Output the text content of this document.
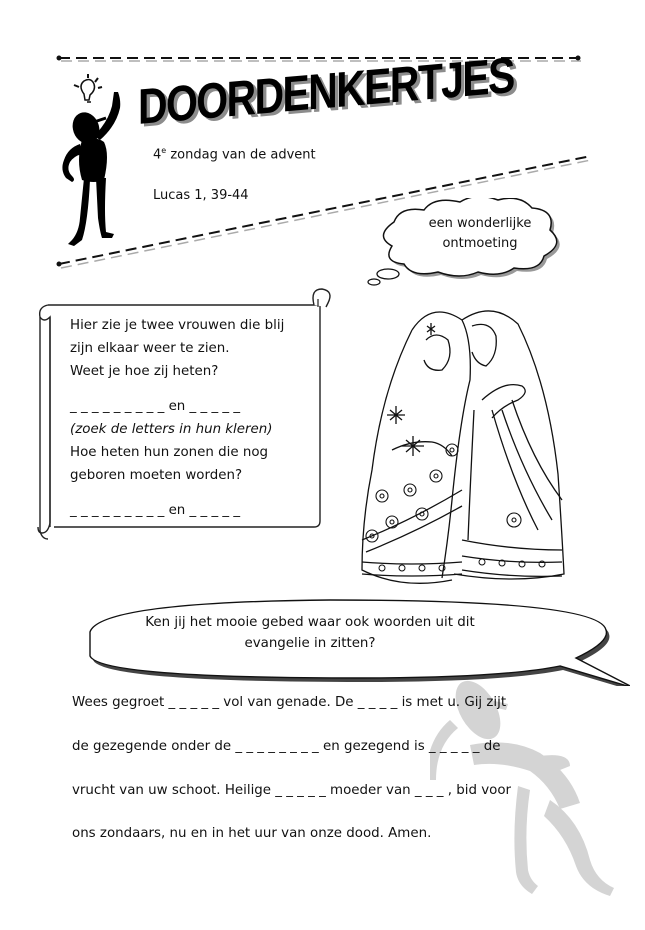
DOORDENKERTJES
4e zondag van de advent
Lucas 1, 39-44
een wonderlijke
ontmoeting
Hier zie je twee vrouwen die blij
zijn elkaar weer te zien.
Weet je hoe zij heten?
_ _ _ _ _ _ _ _ _ en _ _ _ _ _
(zoek de letters in hun kleren)
Hoe heten hun zonen die nog
geboren moeten worden?
_ _ _ _ _ _ _ _ _ en _ _ _ _ _
Ken jij het mooie gebed waar ook woorden uit dit
evangelie in zitten?
Wees gegroet _ _ _ _ _ vol van genade. De _ _ _ _ is met u. Gij zijt
de gezegende onder de _ _ _ _ _ _ _ _ en gezegend is _ _ _ _ _ de
vrucht van uw schoot. Heilige _ _ _ _ _ moeder van _ _ _ , bid voor
ons zondaars, nu en in het uur van onze dood. Amen.
